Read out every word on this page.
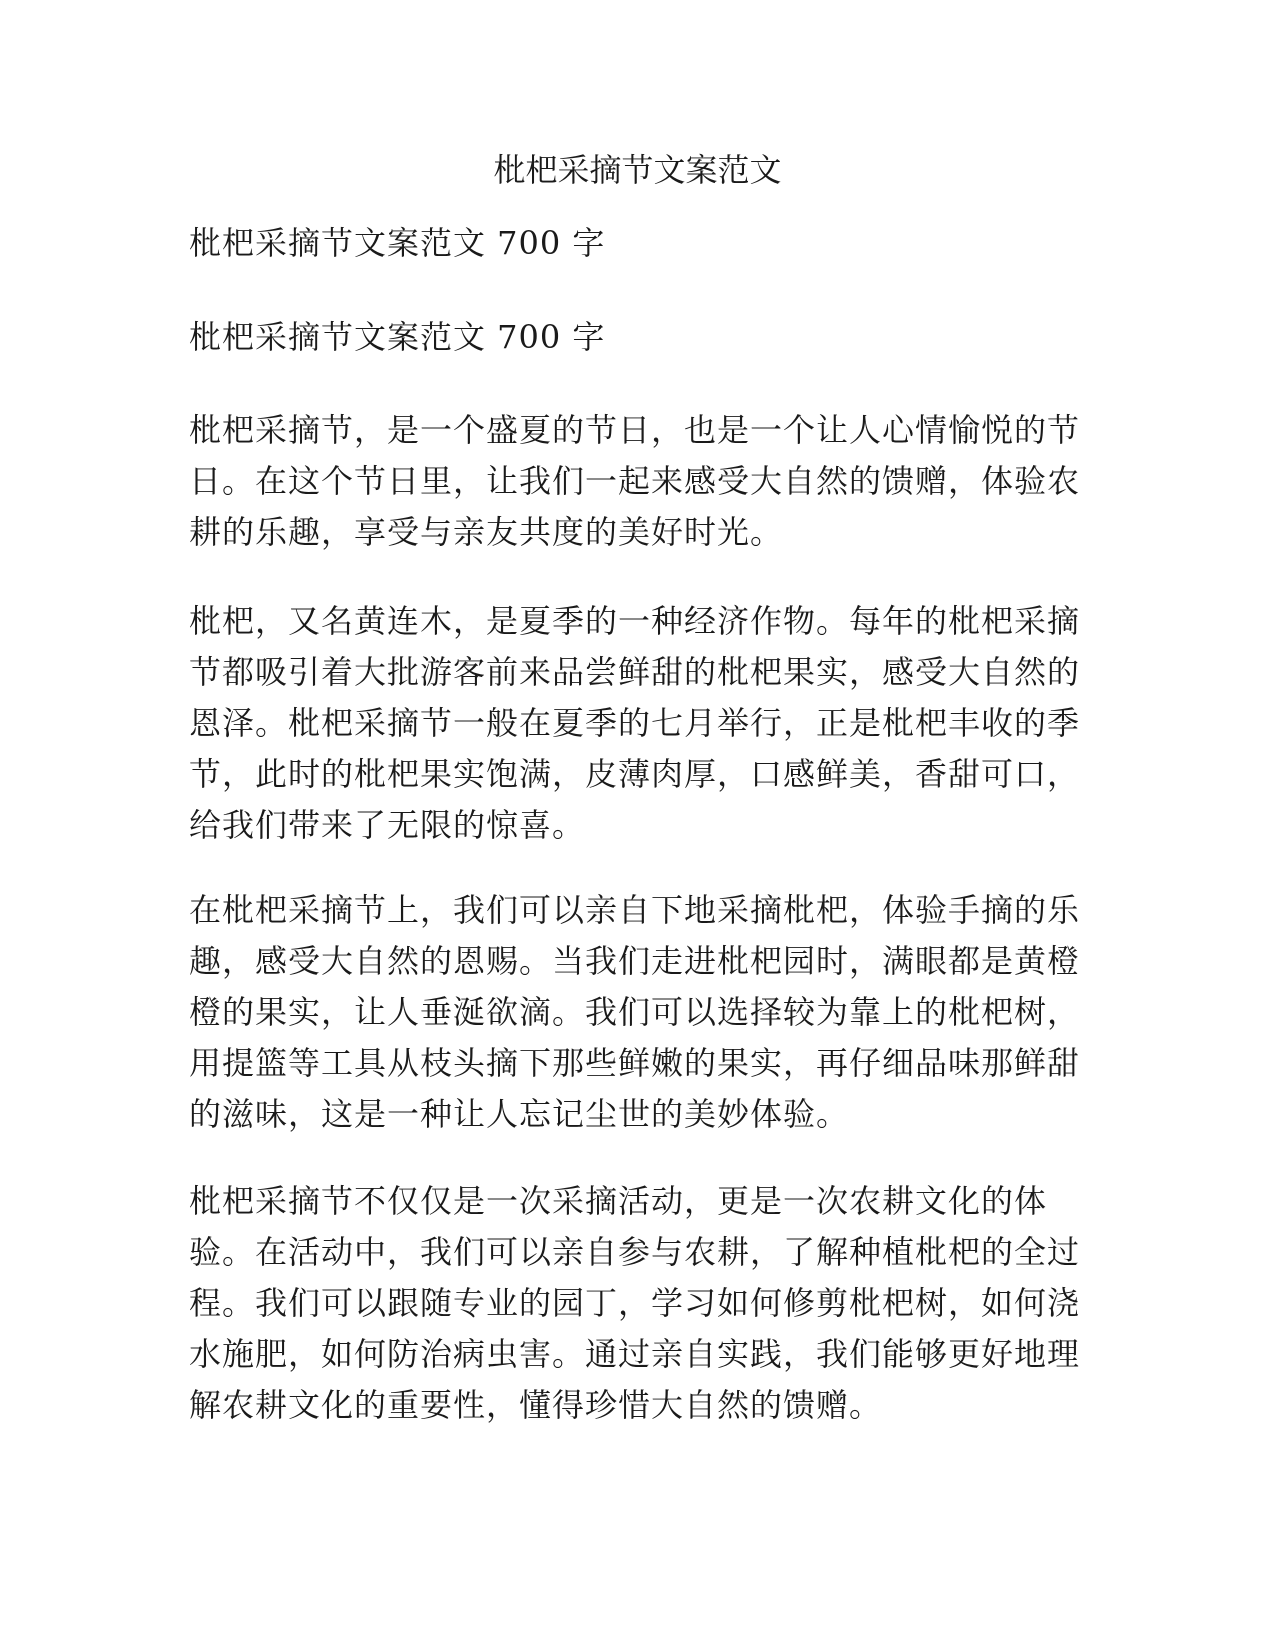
枇杷采摘节文案范文

枇杷采摘节文案范文 700 字

枇杷采摘节文案范文 700 字

枇杷采摘节，是一个盛夏的节日，也是一个让人心情愉悦的节日。在这个节日里，让我们一起来感受大自然的馈赠，体验农耕的乐趣，享受与亲友共度的美好时光。

枇杷，又名黄连木，是夏季的一种经济作物。每年的枇杷采摘节都吸引着大批游客前来品尝鲜甜的枇杷果实，感受大自然的恩泽。枇杷采摘节一般在夏季的七月举行，正是枇杷丰收的季节，此时的枇杷果实饱满，皮薄肉厚，口感鲜美，香甜可口，给我们带来了无限的惊喜。

在枇杷采摘节上，我们可以亲自下地采摘枇杷，体验手摘的乐趣，感受大自然的恩赐。当我们走进枇杷园时，满眼都是黄橙橙的果实，让人垂涎欲滴。我们可以选择较为靠上的枇杷树，用提篮等工具从枝头摘下那些鲜嫩的果实，再仔细品味那鲜甜的滋味，这是一种让人忘记尘世的美妙体验。

枇杷采摘节不仅仅是一次采摘活动，更是一次农耕文化的体验。在活动中，我们可以亲自参与农耕，了解种植枇杷的全过程。我们可以跟随专业的园丁，学习如何修剪枇杷树，如何浇水施肥，如何防治病虫害。通过亲自实践，我们能够更好地理解农耕文化的重要性，懂得珍惜大自然的馈赠。
